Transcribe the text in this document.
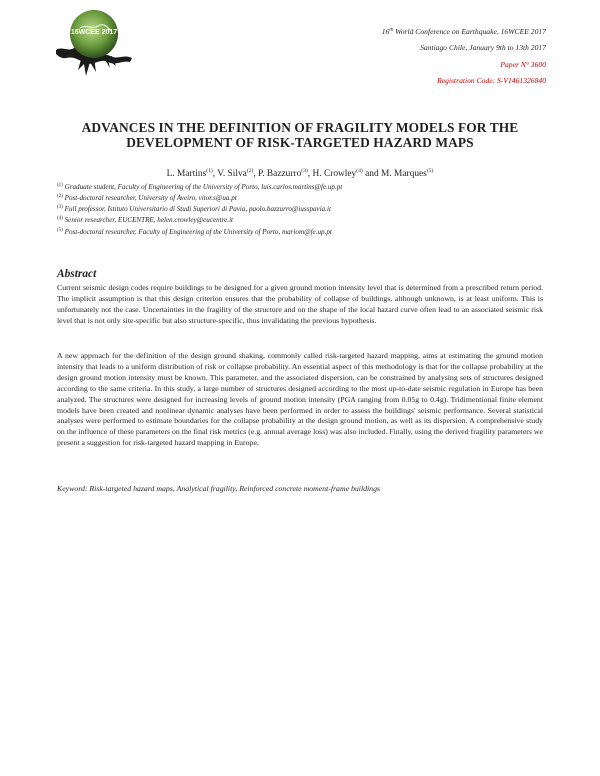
16WCEE 2017	16th World Conference on Earthquake, 16WCEE 2017
Santiago Chile, January 9th to 13th 2017
Paper N° 3600
Registration Code: S-V1461326840
ADVANCES IN THE DEFINITION OF FRAGILITY MODELS FOR THE
DEVELOPMENT OF RISK-TARGETED HAZARD MAPS
L. Martins$^{(1)}$, V. Silva$^{(2)}$, P. Bazzurro$^{(3)}$, H. Crowley$^{(4)}$ and M. Marques$^{(5)}$
$^{(1)}$ Graduate student, Faculty of Engineering of the University of Porto, luis.carlos.martins@fe.up.pt
$^{(2)}$ Post-doctoral researcher, University of Aveiro, vitor.s@ua.pt
$^{(3)}$ Full professor, Istituto Universitario di Studi Superiori di Pavia, paolo.bazzurro@iusspavia.it
$^{(4)}$ Senior researcher, EUCENTRE, helen.crowley@eucentre.it
$^{(5)}$ Post-doctoral researcher, Faculty of Engineering of the University of Porto, mariom@fe.up.pt
Abstract
Current seismic design codes require buildings to be designed for a given ground motion intensity level that is determined from a prescribed return period. The implicit assumption is that this design criterion ensures that the probability of collapse of buildings, although unknown, is at least uniform. This is unfortunately not the case. Uncertainties in the fragility of the structure and on the shape of the local hazard curve often lead to an associated seismic risk level that is not only site-specific but also structure-specific, thus invalidating the previous hypothesis.
A new approach for the definition of the design ground shaking, commonly called risk-targeted hazard mapping, aims at estimating the ground motion intensity that leads to a uniform distribution of risk or collapse probability. An essential aspect of this methodology is that for the collapse probability at the design ground motion intensity must be known. This parameter, and the associated dispersion, can be constrained by analysing sets of structures designed according to the same criteria. In this study, a large number of structures designed according to the most up-to-date seismic regulation in Europe has been analyzed. The structures were designed for increasing levels of ground motion intensity (PGA ranging from 0.05g to 0.4g). Tridimentional finite element models have been created and nonlinear dynamic analyses have been performed in order to assess the buildings' seismic performance. Several statistical analyses were performed to estimate boundaries for the collapse probability at the design ground motion, as well as its dispersion. A comprehensive study on the influence of these parameters on the final risk metrics (e.g. annual average loss) was also included. Finally, using the derived fragility parameters we present a suggestion for risk-targeted hazard mapping in Europe.
Keyword: Risk-targeted hazard maps, Analytical fragility, Reinforced concrete moment-frame buildings
